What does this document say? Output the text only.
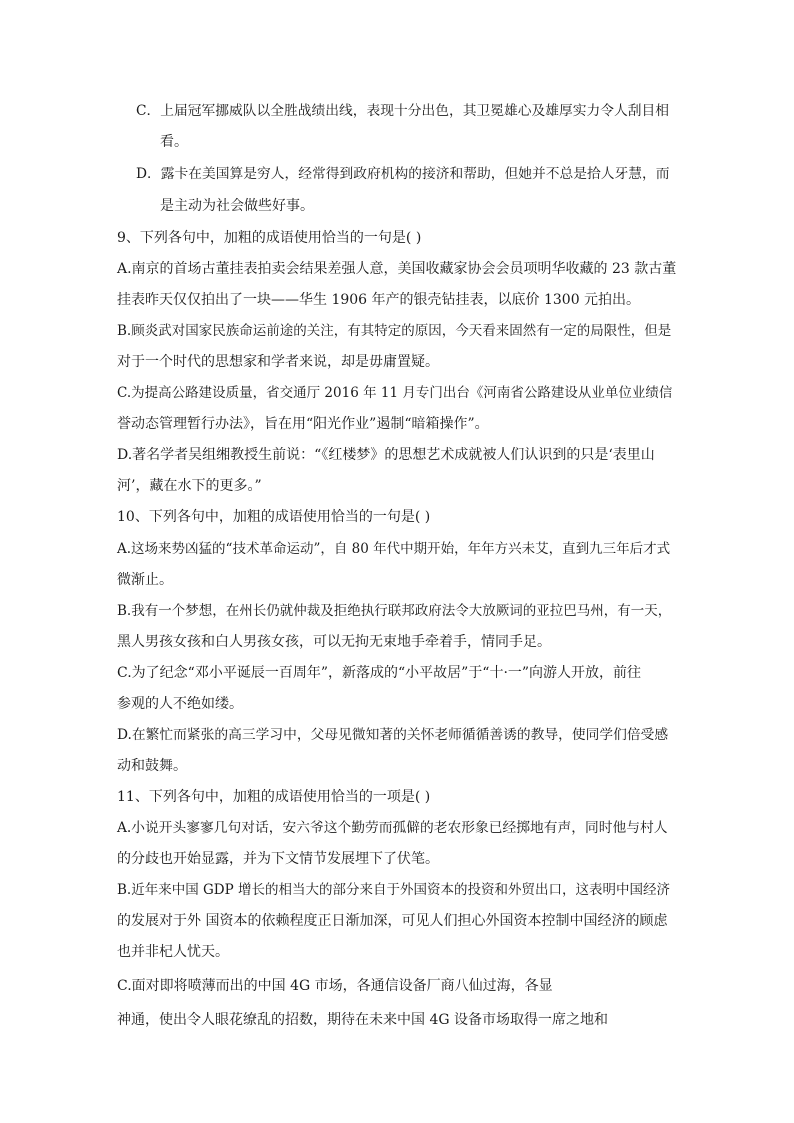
C．上届冠军挪威队以全胜战绩出线，表现十分出色，其卫冕雄心及雄厚实力令人刮目相
看。
D．露卡在美国算是穷人，经常得到政府机构的接济和帮助，但她并不总是拾人牙慧，而
是主动为社会做些好事。
9、下列各句中，加粗的成语使用恰当的一句是( )
A.南京的首场古董挂表拍卖会结果差强人意，美国收藏家协会会员项明华收藏的 23 款古董
挂表昨天仅仅拍出了一块——华生 1906 年产的银壳钻挂表，以底价 1300 元拍出。
B.顾炎武对国家民族命运前途的关注，有其特定的原因，今天看来固然有一定的局限性，但是
对于一个时代的思想家和学者来说，却是毋庸置疑。
C.为提高公路建设质量，省交通厅 2016 年 11 月专门出台《河南省公路建设从业单位业绩信
誉动态管理暂行办法》，旨在用“阳光作业”遏制“暗箱操作”。
D.著名学者吴组缃教授生前说：“《红楼梦》的思想艺术成就被人们认识到的只是‘表里山
河’，藏在水下的更多。”
10、下列各句中，加粗的成语使用恰当的一句是( )
A.这场来势凶猛的“技术革命运动”，自 80 年代中期开始，年年方兴未艾，直到九三年后才式
微渐止。
B.我有一个梦想，在州长仍就仲裁及拒绝执行联邦政府法令大放厥词的亚拉巴马州，有一天，
黑人男孩女孩和白人男孩女孩，可以无拘无束地手牵着手，情同手足。
C.为了纪念“邓小平诞辰一百周年”，新落成的“小平故居”于“十·一”向游人开放，前往
参观的人不绝如缕。
D.在繁忙而紧张的高三学习中，父母见微知著的关怀老师循循善诱的教导，使同学们倍受感
动和鼓舞。
11、下列各句中，加粗的成语使用恰当的一项是( )
A.小说开头寥寥几句对话，安六爷这个勤劳而孤僻的老农形象已经掷地有声，同时他与村人
的分歧也开始显露，并为下文情节发展埋下了伏笔。
B.近年来中国 GDP 增长的相当大的部分来自于外国资本的投资和外贸出口，这表明中国经济
的发展对于外 国资本的依赖程度正日渐加深，可见人们担心外国资本控制中国经济的顾虑
也并非杞人忧天。
C.面对即将喷薄而出的中国 4G 市场，各通信设备厂商八仙过海，各显
神通，使出令人眼花缭乱的招数，期待在未来中国 4G 设备市场取得一席之地和
